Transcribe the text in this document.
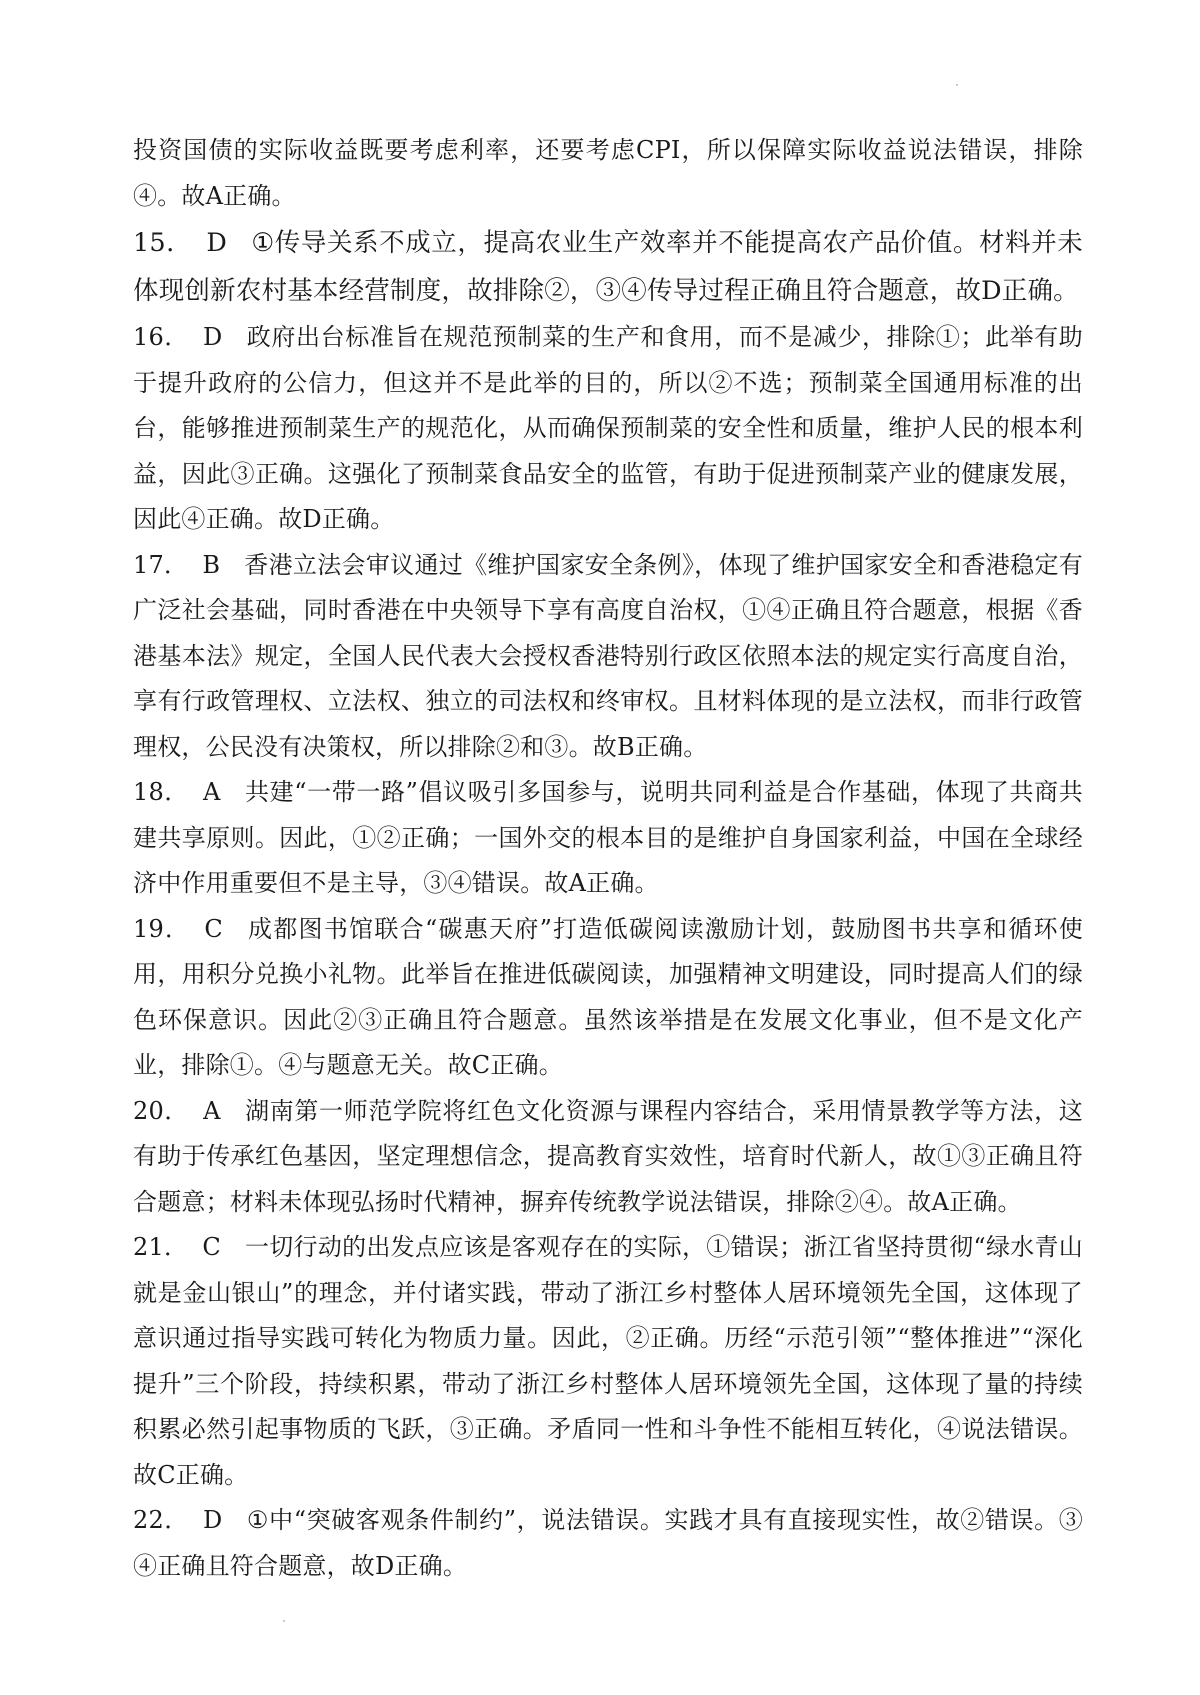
投资国债的实际收益既要考虑利率，还要考虑CPI，所以保障实际收益说法错误，排除④。故A正确。

15． D ①传导关系不成立，提高农业生产效率并不能提高农产品价值。材料并未体现创新农村基本经营制度，故排除②，③④传导过程正确且符合题意，故D正确。

16． D 政府出台标准旨在规范预制菜的生产和食用，而不是减少，排除①；此举有助于提升政府的公信力，但这并不是此举的目的，所以②不选；预制菜全国通用标准的出台，能够推进预制菜生产的规范化，从而确保预制菜的安全性和质量，维护人民的根本利益，因此③正确。这强化了预制菜食品安全的监管，有助于促进预制菜产业的健康发展，因此④正确。故D正确。

17． B 香港立法会审议通过《维护国家安全条例》，体现了维护国家安全和香港稳定有广泛社会基础，同时香港在中央领导下享有高度自治权，①④正确且符合题意，根据《香港基本法》规定，全国人民代表大会授权香港特别行政区依照本法的规定实行高度自治，享有行政管理权、立法权、独立的司法权和终审权。且材料体现的是立法权，而非行政管理权，公民没有决策权，所以排除②和③。故B正确。

18． A 共建“一带一路”倡议吸引多国参与，说明共同利益是合作基础，体现了共商共建共享原则。因此，①②正确；一国外交的根本目的是维护自身国家利益，中国在全球经济中作用重要但不是主导，③④错误。故A正确。

19． C 成都图书馆联合“碳惠天府”打造低碳阅读激励计划，鼓励图书共享和循环使用，用积分兑换小礼物。此举旨在推进低碳阅读，加强精神文明建设，同时提高人们的绿色环保意识。因此②③正确且符合题意。虽然该举措是在发展文化事业，但不是文化产业，排除①。④与题意无关。故C正确。

20． A 湖南第一师范学院将红色文化资源与课程内容结合，采用情景教学等方法，这有助于传承红色基因，坚定理想信念，提高教育实效性，培育时代新人，故①③正确且符合题意；材料未体现弘扬时代精神，摒弃传统教学说法错误，排除②④。故A正确。

21． C 一切行动的出发点应该是客观存在的实际，①错误；浙江省坚持贯彻“绿水青山就是金山银山”的理念，并付诸实践，带动了浙江乡村整体人居环境领先全国，这体现了意识通过指导实践可转化为物质力量。因此，②正确。历经“示范引领”“整体推进”“深化提升”三个阶段，持续积累，带动了浙江乡村整体人居环境领先全国，这体现了量的持续积累必然引起事物质的飞跃，③正确。矛盾同一性和斗争性不能相互转化，④说法错误。故C正确。

22． D ①中“突破客观条件制约”，说法错误。实践才具有直接现实性，故②错误。③④正确且符合题意，故D正确。
